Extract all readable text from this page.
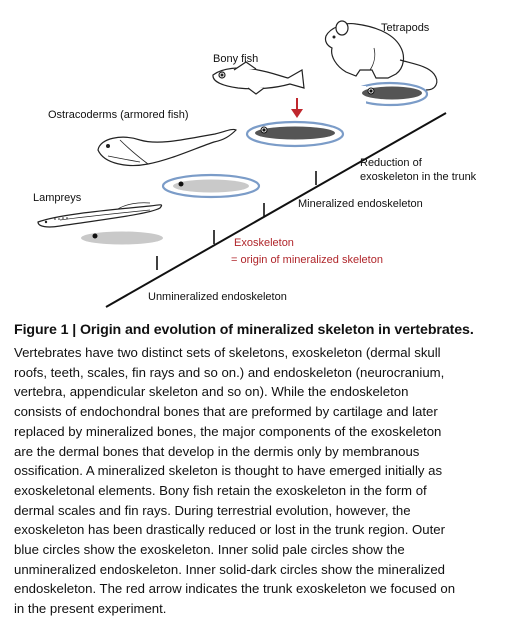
Tetrapods
Bony fish
Ostracoderms (armored fish)
Lampreys
Reduction of
exoskeleton in the trunk
Mineralized endoskeleton
Exoskeleton
= origin of mineralized skeleton
Unmineralized endoskeleton
Figure 1 | Origin and evolution of mineralized skeleton in vertebrates.
Vertebrates have two distinct sets of skeletons, exoskeleton (dermal skull
roofs, teeth, scales, fin rays and so on.) and endoskeleton (neurocranium,
vertebra, appendicular skeleton and so on). While the endoskeleton
consists of endochondral bones that are preformed by cartilage and later
replaced by mineralized bones, the major components of the exoskeleton
are the dermal bones that develop in the dermis only by membranous
ossification. A mineralized skeleton is thought to have emerged initially as
exoskeletonal elements. Bony fish retain the exoskeleton in the form of
dermal scales and fin rays. During terrestrial evolution, however, the
exoskeleton has been drastically reduced or lost in the trunk region. Outer
blue circles show the exoskeleton. Inner solid pale circles show the
unmineralized endoskeleton. Inner solid-dark circles show the mineralized
endoskeleton. The red arrow indicates the trunk exoskeleton we focused on
in the present experiment.
